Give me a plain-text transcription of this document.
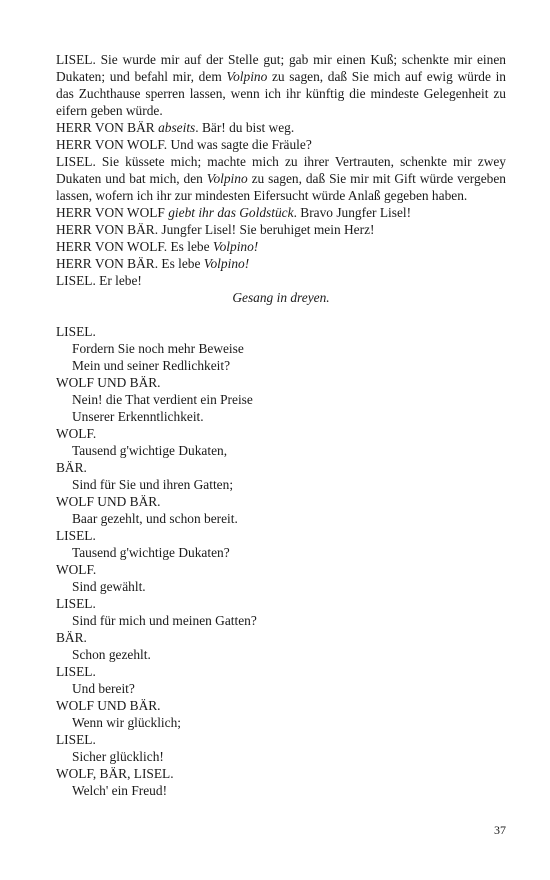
LISEL. Sie wurde mir auf der Stelle gut; gab mir einen Kuß; schenkte mir einen Dukaten; und befahl mir, dem Volpino zu sagen, daß Sie mich auf ewig würde in das Zuchthause sperren lassen, wenn ich ihr künftig die mindeste Gelegenheit zu eifern geben würde.

HERR VON BÄR abseits. Bär! du bist weg.

HERR VON WOLF. Und was sagte die Fräule?

LISEL. Sie küssete mich; machte mich zu ihrer Vertrauten, schenkte mir zwey Dukaten und bat mich, den Volpino zu sagen, daß Sie mir mit Gift würde vergeben lassen, wofern ich ihr zur mindesten Eifersucht würde Anlaß gegeben haben.

HERR VON WOLF giebt ihr das Goldstück. Bravo Jungfer Lisel!

HERR VON BÄR. Jungfer Lisel! Sie beruhiget mein Herz!

HERR VON WOLF. Es lebe Volpino!

HERR VON BÄR. Es lebe Volpino!

LISEL. Er lebe!

Gesang in dreyen.

LISEL.
Fordern Sie noch mehr Beweise
Mein und seiner Redlichkeit?
WOLF UND BÄR.
Nein! die That verdient ein Preise
Unserer Erkenntlichkeit.
WOLF.
Tausend g'wichtige Dukaten,
BÄR.
Sind für Sie und ihren Gatten;
WOLF UND BÄR.
Baar gezehlt, und schon bereit.
LISEL.
Tausend g'wichtige Dukaten?
WOLF.
Sind gewählt.
LISEL.
Sind für mich und meinen Gatten?
BÄR.
Schon gezehlt.
LISEL.
Und bereit?
WOLF UND BÄR.
Wenn wir glücklich;
LISEL.
Sicher glücklich!
WOLF, BÄR, LISEL.
Welch' ein Freud!
37
